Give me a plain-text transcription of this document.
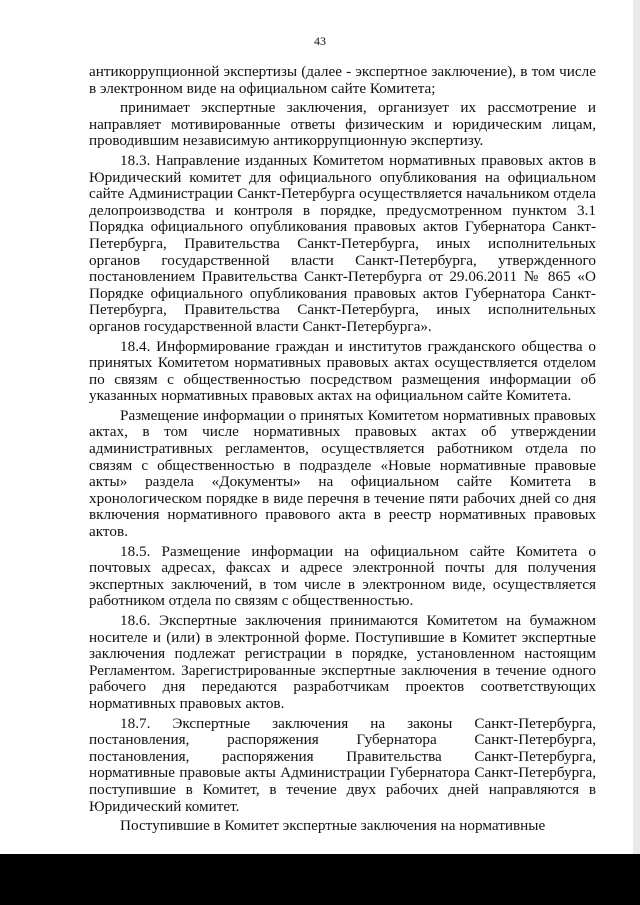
43

антикоррупционной экспертизы (далее - экспертное заключение), в том числе в электронном виде на официальном сайте Комитета;

принимает экспертные заключения, организует их рассмотрение и направляет мотивированные ответы физическим и юридическим лицам, проводившим независимую антикоррупционную экспертизу.

18.3. Направление изданных Комитетом нормативных правовых актов в Юридический комитет для официального опубликования на официальном сайте Администрации Санкт-Петербурга осуществляется начальником отдела делопроизводства и контроля в порядке, предусмотренном пунктом 3.1 Порядка официального опубликования правовых актов Губернатора Санкт-Петербурга, Правительства Санкт-Петербурга, иных исполнительных органов государственной власти Санкт-Петербурга, утвержденного постановлением Правительства Санкт-Петербурга от 29.06.2011 № 865 «О Порядке официального опубликования правовых актов Губернатора Санкт-Петербурга, Правительства Санкт-Петербурга, иных исполнительных органов государственной власти Санкт-Петербурга».

18.4. Информирование граждан и институтов гражданского общества о принятых Комитетом нормативных правовых актах осуществляется отделом по связям с общественностью посредством размещения информации об указанных нормативных правовых актах на официальном сайте Комитета.

Размещение информации о принятых Комитетом нормативных правовых актах, в том числе нормативных правовых актах об утверждении административных регламентов, осуществляется работником отдела по связям с общественностью в подразделе «Новые нормативные правовые акты» раздела «Документы» на официальном сайте Комитета в хронологическом порядке в виде перечня в течение пяти рабочих дней со дня включения нормативного правового акта в реестр нормативных правовых актов.

18.5. Размещение информации на официальном сайте Комитета о почтовых адресах, факсах и адресе электронной почты для получения экспертных заключений, в том числе в электронном виде, осуществляется работником отдела по связям с общественностью.

18.6. Экспертные заключения принимаются Комитетом на бумажном носителе и (или) в электронной форме. Поступившие в Комитет экспертные заключения подлежат регистрации в порядке, установленном настоящим Регламентом. Зарегистрированные экспертные заключения в течение одного рабочего дня передаются разработчикам проектов соответствующих нормативных правовых актов.

18.7. Экспертные заключения на законы Санкт-Петербурга, постановления, распоряжения Губернатора Санкт-Петербурга, постановления, распоряжения Правительства Санкт-Петербурга, нормативные правовые акты Администрации Губернатора Санкт-Петербурга, поступившие в Комитет, в течение двух рабочих дней направляются в Юридический комитет.

Поступившие в Комитет экспертные заключения на нормативные
